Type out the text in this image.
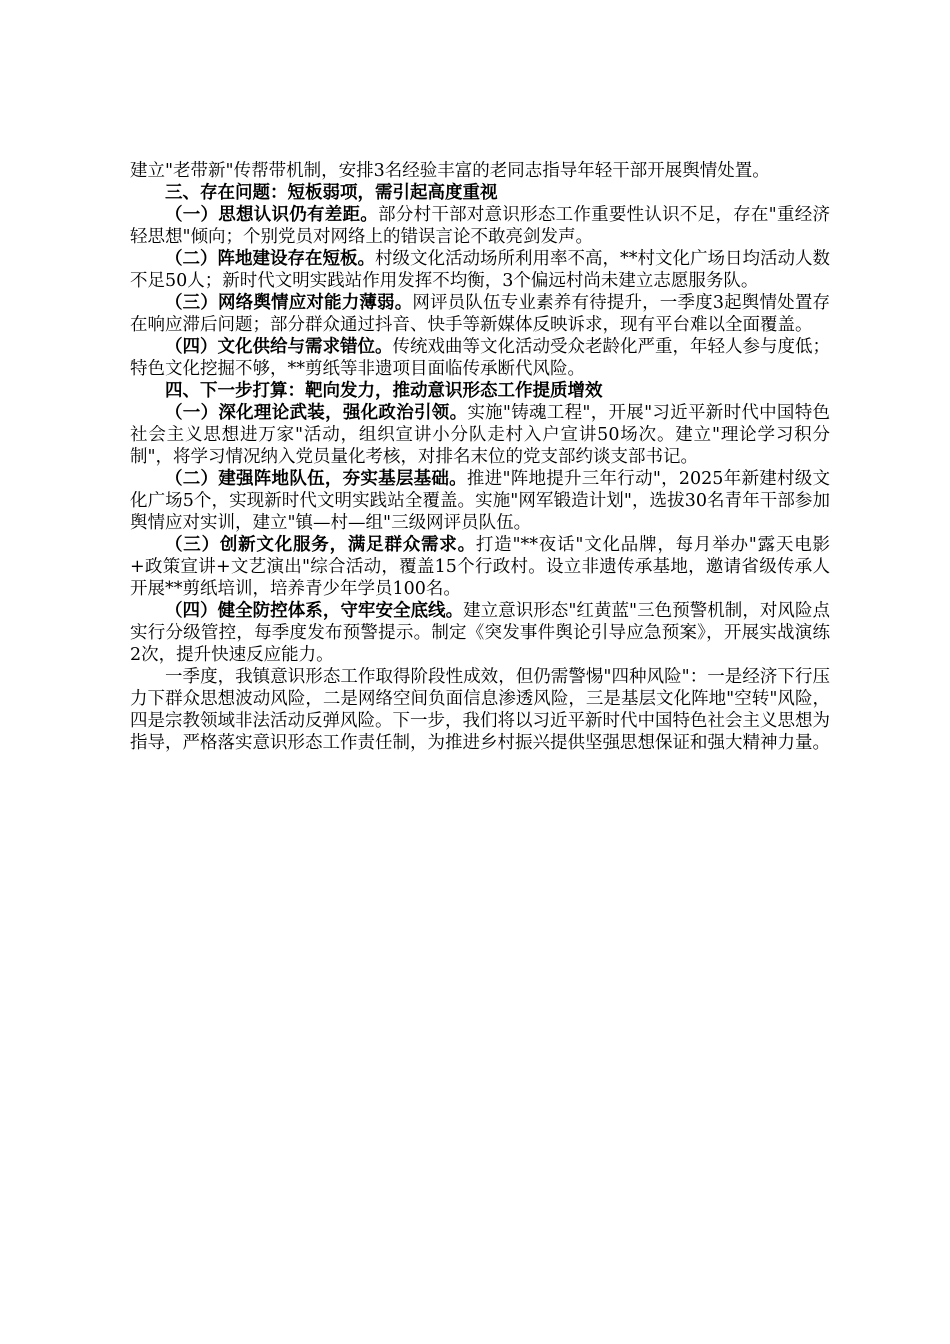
建立"老带新"传帮带机制，安排3名经验丰富的老同志指导年轻干部开展舆情处置。

三、存在问题：短板弱项，需引起高度重视

（一）思想认识仍有差距。部分村干部对意识形态工作重要性认识不足，存在"重经济轻思想"倾向；个别党员对网络上的错误言论不敢亮剑发声。

（二）阵地建设存在短板。村级文化活动场所利用率不高，**村文化广场日均活动人数不足50人；新时代文明实践站作用发挥不均衡，3个偏远村尚未建立志愿服务队。

（三）网络舆情应对能力薄弱。网评员队伍专业素养有待提升，一季度3起舆情处置存在响应滞后问题；部分群众通过抖音、快手等新媒体反映诉求，现有平台难以全面覆盖。

（四）文化供给与需求错位。传统戏曲等文化活动受众老龄化严重，年轻人参与度低；特色文化挖掘不够，**剪纸等非遗项目面临传承断代风险。

四、下一步打算：靶向发力，推动意识形态工作提质增效

（一）深化理论武装，强化政治引领。实施"铸魂工程"，开展"习近平新时代中国特色社会主义思想进万家"活动，组织宣讲小分队走村入户宣讲50场次。建立"理论学习积分制"，将学习情况纳入党员量化考核，对排名末位的党支部约谈支部书记。

（二）建强阵地队伍，夯实基层基础。推进"阵地提升三年行动"，2025年新建村级文化广场5个，实现新时代文明实践站全覆盖。实施"网军锻造计划"，选拔30名青年干部参加舆情应对实训，建立"镇—村—组"三级网评员队伍。

（三）创新文化服务，满足群众需求。打造"**夜话"文化品牌，每月举办"露天电影+政策宣讲+文艺演出"综合活动，覆盖15个行政村。设立非遗传承基地，邀请省级传承人开展**剪纸培训，培养青少年学员100名。

（四）健全防控体系，守牢安全底线。建立意识形态"红黄蓝"三色预警机制，对风险点实行分级管控，每季度发布预警提示。制定《突发事件舆论引导应急预案》，开展实战演练2次，提升快速反应能力。

一季度，我镇意识形态工作取得阶段性成效，但仍需警惕"四种风险"：一是经济下行压力下群众思想波动风险，二是网络空间负面信息渗透风险，三是基层文化阵地"空转"风险，四是宗教领域非法活动反弹风险。下一步，我们将以习近平新时代中国特色社会主义思想为指导，严格落实意识形态工作责任制，为推进乡村振兴提供坚强思想保证和强大精神力量。
